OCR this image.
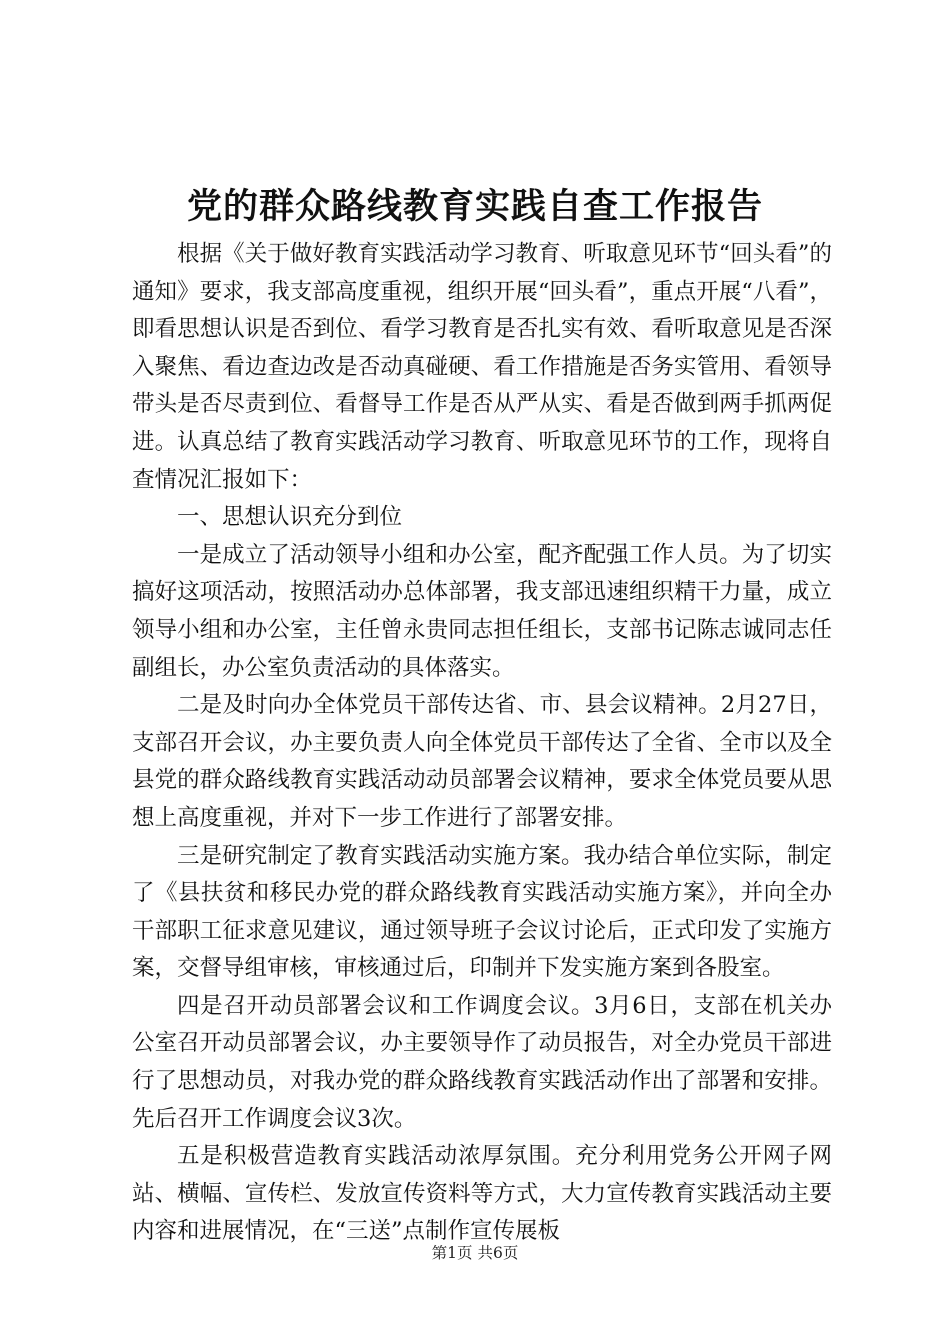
党的群众路线教育实践自查工作报告

根据《关于做好教育实践活动学习教育、听取意见环节“回头看”的通知》要求，我支部高度重视，组织开展“回头看”，重点开展“八看”，即看思想认识是否到位、看学习教育是否扎实有效、看听取意见是否深入聚焦、看边查边改是否动真碰硬、看工作措施是否务实管用、看领导带头是否尽责到位、看督导工作是否从严从实、看是否做到两手抓两促进。认真总结了教育实践活动学习教育、听取意见环节的工作，现将自查情况汇报如下：

一、思想认识充分到位

一是成立了活动领导小组和办公室，配齐配强工作人员。为了切实搞好这项活动，按照活动办总体部署，我支部迅速组织精干力量，成立领导小组和办公室，主任曾永贵同志担任组长，支部书记陈志诚同志任副组长，办公室负责活动的具体落实。

二是及时向办全体党员干部传达省、市、县会议精神。2月27日，支部召开会议，办主要负责人向全体党员干部传达了全省、全市以及全县党的群众路线教育实践活动动员部署会议精神，要求全体党员要从思想上高度重视，并对下一步工作进行了部署安排。

三是研究制定了教育实践活动实施方案。我办结合单位实际，制定了《县扶贫和移民办党的群众路线教育实践活动实施方案》，并向全办干部职工征求意见建议，通过领导班子会议讨论后，正式印发了实施方案，交督导组审核，审核通过后，印制并下发实施方案到各股室。

四是召开动员部署会议和工作调度会议。3月6日，支部在机关办公室召开动员部署会议，办主要领导作了动员报告，对全办党员干部进行了思想动员，对我办党的群众路线教育实践活动作出了部署和安排。先后召开工作调度会议3次。

五是积极营造教育实践活动浓厚氛围。充分利用党务公开网子网站、横幅、宣传栏、发放宣传资料等方式，大力宣传教育实践活动主要内容和进展情况，在“三送”点制作宣传展板

第1页 共6页
